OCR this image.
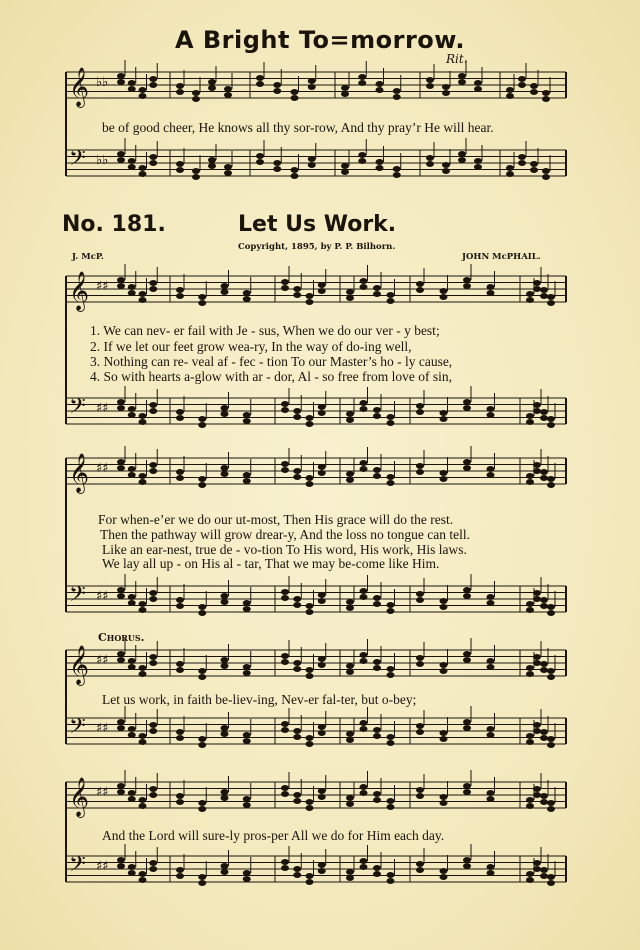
A Bright To=morrow.
Rit.
𝄞 ♭♭
𝄢 ♭♭
𝄞 ♯♯
𝄢 ♯♯
𝄞 ♯♯
𝄢 ♯♯
𝄞 ♯♯
𝄢 ♯♯
𝄞 ♯♯
𝄢 ♯♯
be of good cheer, He knows all thy sor-row, And thy pray’r He will hear.
No. 181.	Let Us Work.
Copyright, 1895, by P. P. Bilhorn.
J. McP.	JOHN McPHAIL.
1. We can nev- er fail with Je - sus, When we do our ver - y best;
2. If we let our feet grow wea-ry, In the way of do-ing well,
3. Nothing can re- veal af - fec - tion To our Master’s ho - ly cause,
4. So with hearts a-glow with ar - dor, Al - so free from love of sin,
For when-e’er we do our ut-most, Then His grace will do the rest.
Then the pathway will grow drear-y, And the loss no tongue can tell.
Like an ear-nest, true de - vo-tion To His word, His work, His laws.
We lay all up - on His al - tar, That we may be-come like Him.
Chorus.
Let us work, in faith be-liev-ing, Nev-er fal-ter, but o-bey;
And the Lord will sure-ly pros-per All we do for Him each day.
